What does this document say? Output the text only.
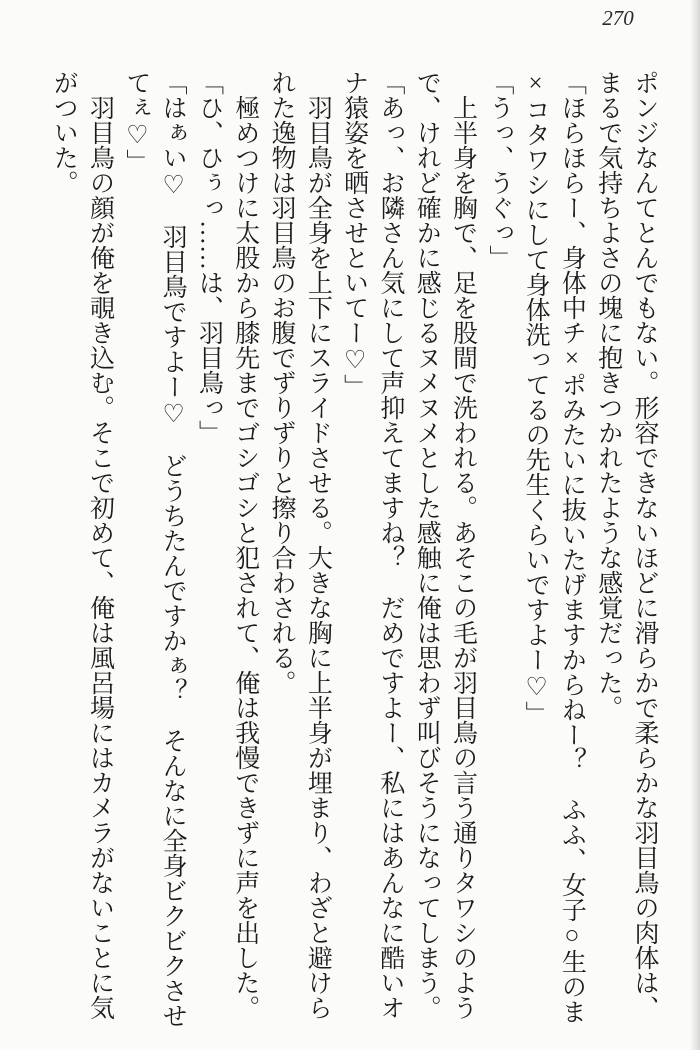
270

ポンジなんてとんでもない。形容できないほどに滑らかで柔らかな羽目鳥の肉体は、

まるで気持ちよさの塊に抱きつかれたような感覚だった。

「ほらほらー、身体中チ×ポみたいに抜いたげますからねー？　ふふ、女子○生のま

×コタワシにして身体洗ってるの先生くらいですよー♡」

「うっ、うぐっ」

上半身を胸で、足を股間で洗われる。あそこの毛が羽目鳥の言う通りタワシのよう

で、けれど確かに感じるヌメヌメとした感触に俺は思わず叫びそうになってしまう。

「あっ、お隣さん気にして声抑えてますね？　だめですよー、私にはあんなに酷いオ

ナ猿姿を晒させといてー♡」

羽目鳥が全身を上下にスライドさせる。大きな胸に上半身が埋まり、わざと避けら

れた逸物は羽目鳥のお腹でずりずりと擦り合わされる。

極めつけに太股から膝先までゴシゴシと犯されて、俺は我慢できずに声を出した。

「ひ、ひぅっ……は、羽目鳥っ」

「はぁい♡　羽目鳥ですよー♡　どうちたんですかぁ？　そんなに全身ビクビクさせ

てぇ♡」

羽目鳥の顔が俺を覗き込む。そこで初めて、俺は風呂場にはカメラがないことに気

がついた。
